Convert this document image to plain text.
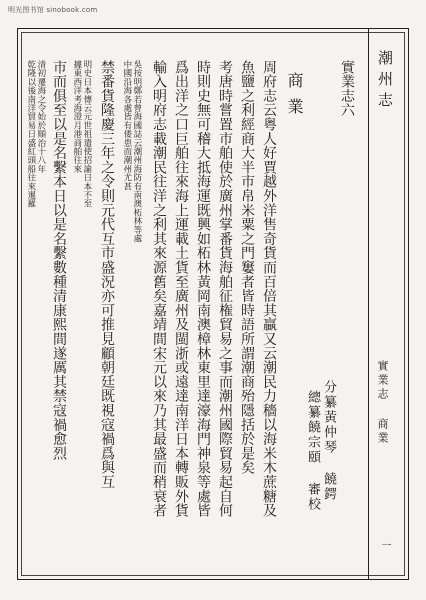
明光图书馆 sinobook.com
潮州志
實業志 商業
一
實業志六
分纂黃仲琴 饒鍔
總纂饒宗頤 審校
商業
周府志云粤人好賈越外洋售奇貨而百倍其贏又云潮民力穡以海米木蔗糖及
魚鹽之利經商大半市帛米粟之門窶者皆時語所謂潮商殆隱括於是矣
考唐時嘗置市舶使於廣州掌番貨海舶征権貿易之事而潮州國際貿易起自何
時則史無可稽大抵海運既興如柘林黃岡南澳樟林東里達濠海門神泉等處皆
爲出洋之口巨舶往來海上運載土貨至廣州及閩浙或遠達南洋日本轉販外貨
輸入明府志載潮民往洋之利其來源舊矣嘉靖間宋元以來乃其最盛而稍衰者
吳按明鄭若曾海國誌云潮州海防有南澳柘林等處
中國沿海各處皆有倭患而潮州尤甚
禁番貨隆慶三年之令則元代互市盛況亦可推見顧朝廷既視寇禍爲與互
明史日本傳云元世祖遣使招諭日本不至
據東西洋考海澄月港商舶往來
市而俱至以是名繫本日以是名繫數種清康熙間遂厲其禁寇禍愈烈
清初遷海之令始於順治十八年
乾隆以後南洋貿易日盛紅頭船往來暹羅
